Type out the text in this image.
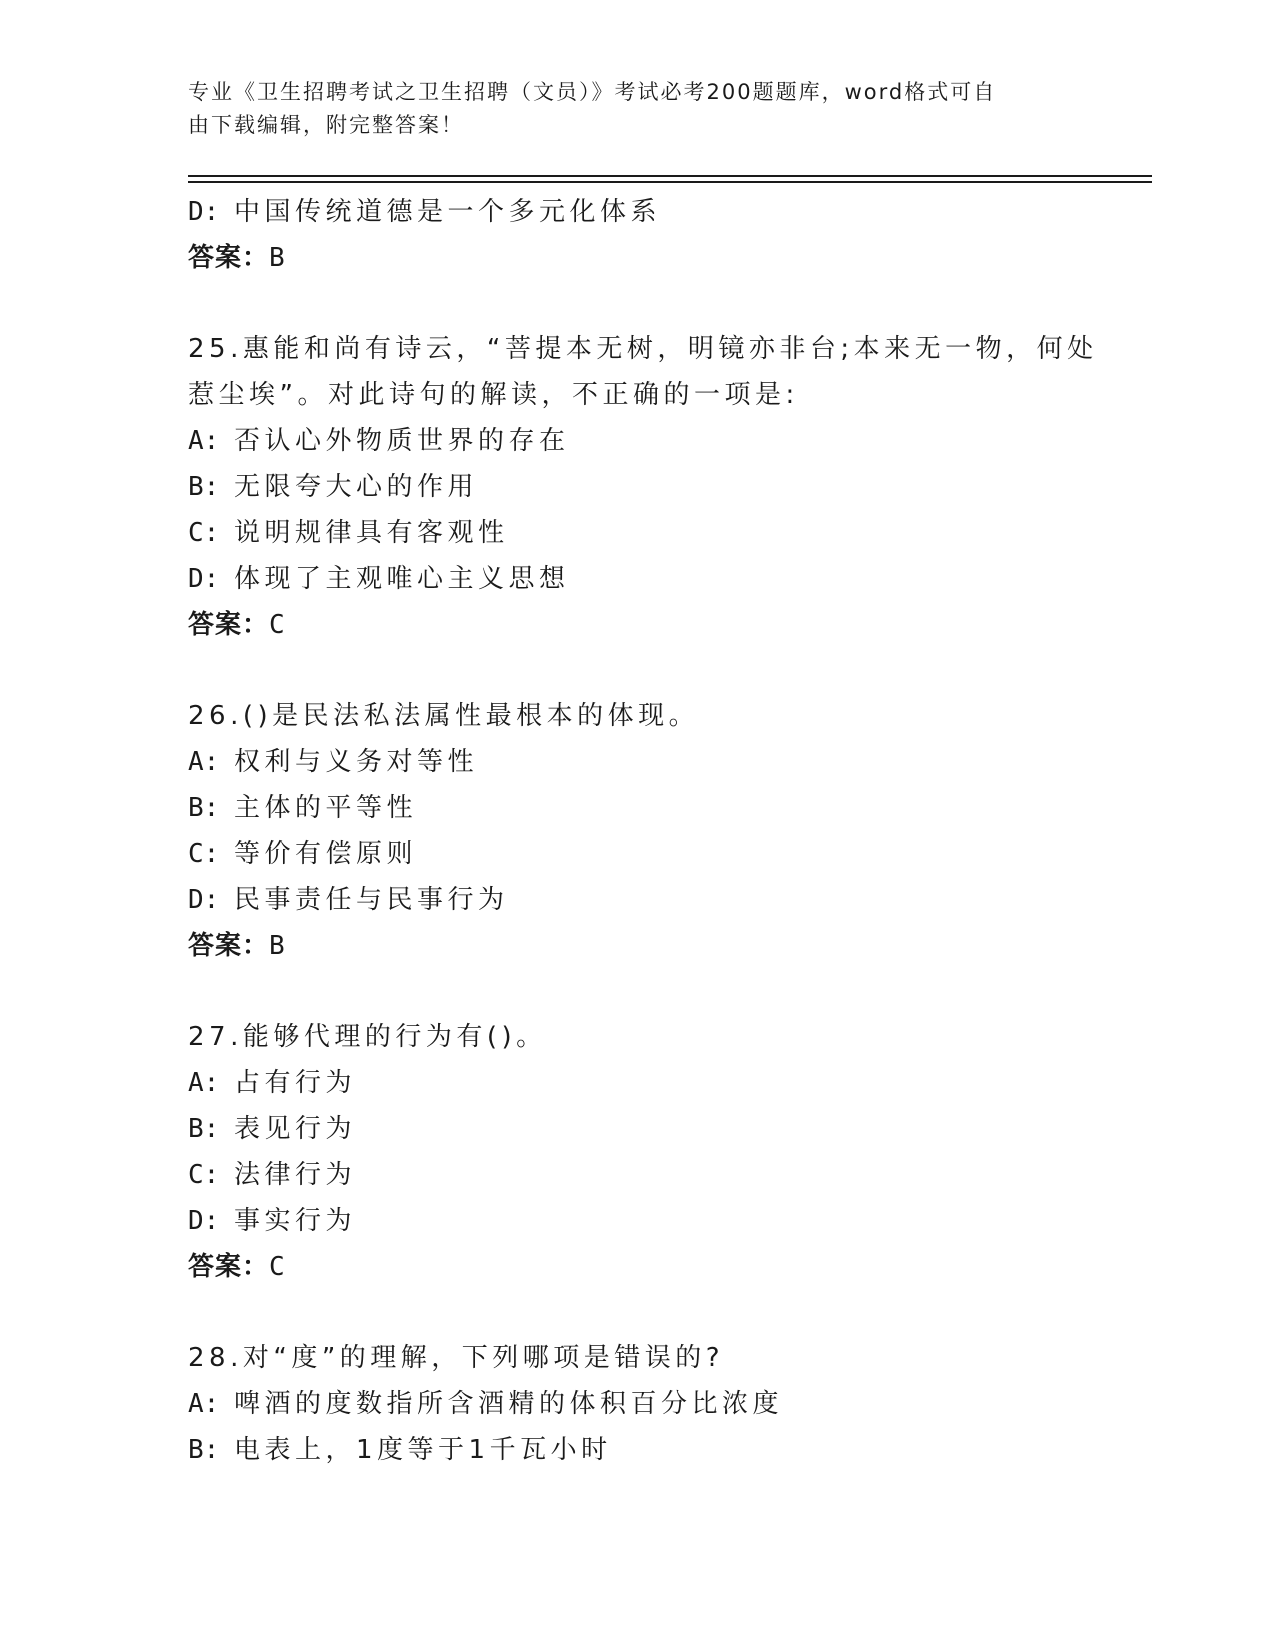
专业《卫生招聘考试之卫生招聘（文员）》考试必考200题题库，word格式可自
由下载编辑，附完整答案！
D: 中国传统道德是一个多元化体系
答案：B
25.惠能和尚有诗云，“菩提本无树，明镜亦非台;本来无一物，何处
惹尘埃”。对此诗句的解读，不正确的一项是:
A: 否认心外物质世界的存在
B: 无限夸大心的作用
C: 说明规律具有客观性
D: 体现了主观唯心主义思想
答案：C
26.()是民法私法属性最根本的体现。
A: 权利与义务对等性
B: 主体的平等性
C: 等价有偿原则
D: 民事责任与民事行为
答案：B
27.能够代理的行为有()。
A: 占有行为
B: 表见行为
C: 法律行为
D: 事实行为
答案：C
28.对“度”的理解，下列哪项是错误的?
A: 啤酒的度数指所含酒精的体积百分比浓度
B: 电表上，1度等于1千瓦小时
